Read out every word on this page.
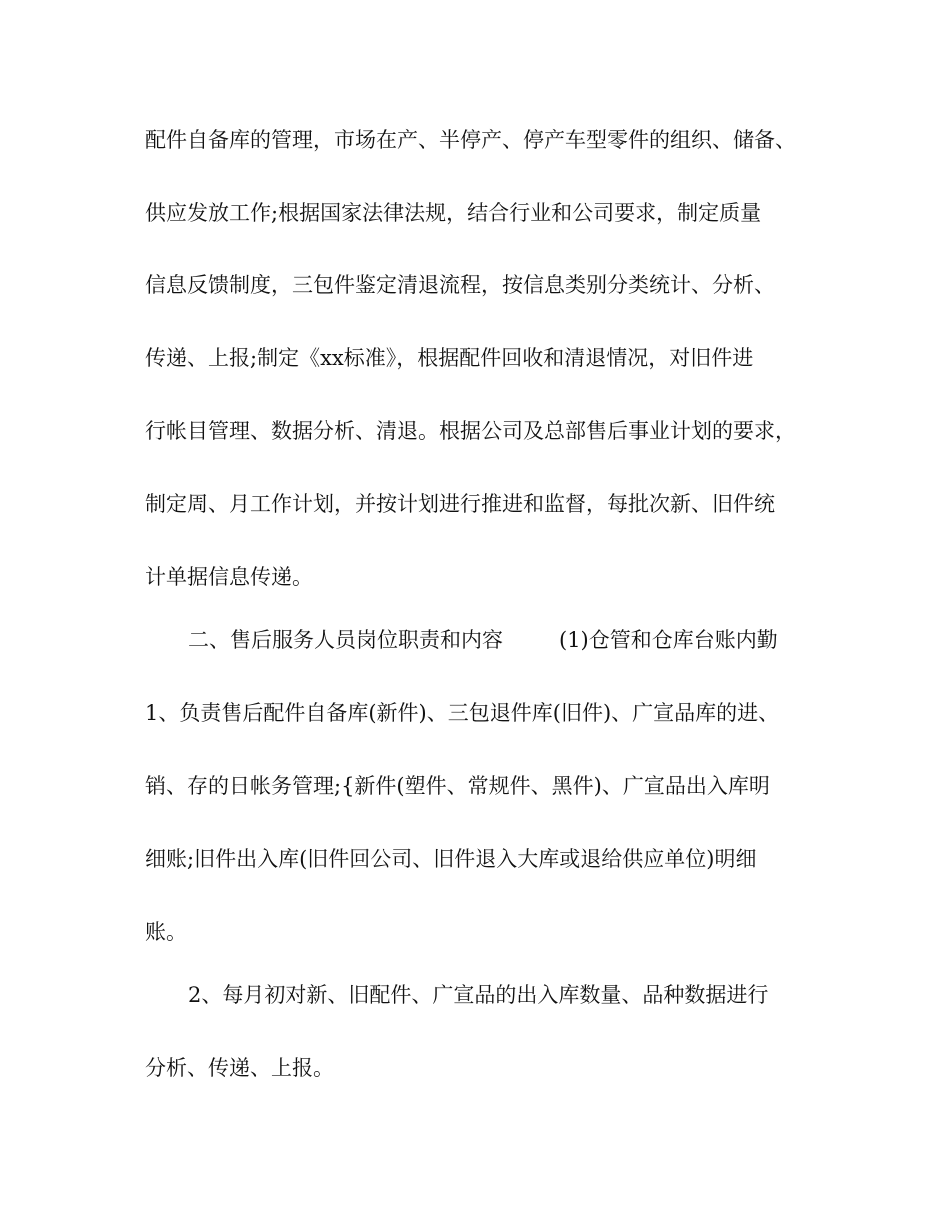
配件自备库的管理，市场在产、半停产、停产车型零件的组织、储备、
供应发放工作;根据国家法律法规，结合行业和公司要求，制定质量
信息反馈制度，三包件鉴定清退流程，按信息类别分类统计、分析、
传递、上报;制定《xx标准》，根据配件回收和清退情况，对旧件进
行帐目管理、数据分析、清退。根据公司及总部售后事业计划的要求，
制定周、月工作计划，并按计划进行推进和监督，每批次新、旧件统
计单据信息传递。
二、售后服务人员岗位职责和内容	(1)仓管和仓库台账内勤
1、负责售后配件自备库(新件)、三包退件库(旧件)、广宣品库的进、
销、存的日帐务管理;{新件(塑件、常规件、黑件)、广宣品出入库明
细账;旧件出入库(旧件回公司、旧件退入大库或退给供应单位)明细
账。
2、每月初对新、旧配件、广宣品的出入库数量、品种数据进行
分析、传递、上报。
